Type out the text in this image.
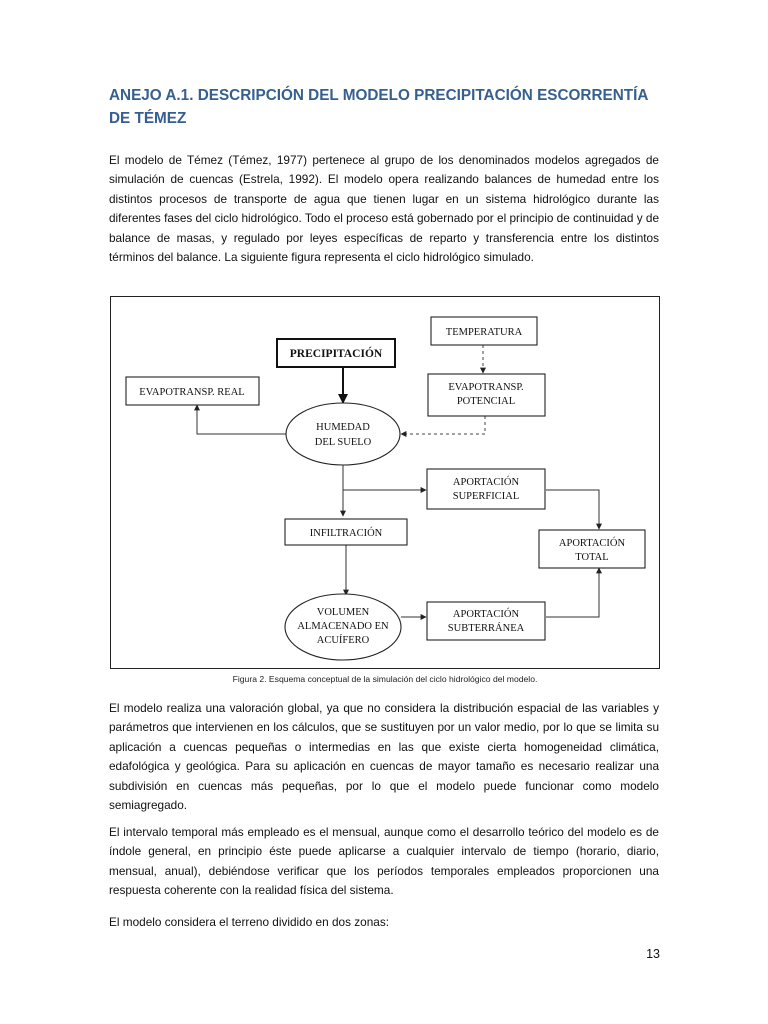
ANEJO A.1. DESCRIPCIÓN DEL MODELO PRECIPITACIÓN ESCORRENTÍA DE TÉMEZ

El modelo de Témez (Témez, 1977) pertenece al grupo de los denominados modelos agregados de simulación de cuencas (Estrela, 1992). El modelo opera realizando balances de humedad entre los distintos procesos de transporte de agua que tienen lugar en un sistema hidrológico durante las diferentes fases del ciclo hidrológico. Todo el proceso está gobernado por el principio de continuidad y de balance de masas, y regulado por leyes específicas de reparto y transferencia entre los distintos términos del balance. La siguiente figura representa el ciclo hidrológico simulado.

PRECIPITACIÓN
TEMPERATURA
EVAPOTRANSP. REAL	EVAPOTRANSP.
POTENCIAL
HUMEDAD
DEL SUELO
APORTACIÓN
SUPERFICIAL
INFILTRACIÓN
APORTACIÓN
TOTAL
VOLUMEN
ALMACENADO EN
ACUÍFERO
APORTACIÓN
SUBTERRÁNEA
Figura 2. Esquema conceptual de la simulación del ciclo hidrológico del modelo.

El modelo realiza una valoración global, ya que no considera la distribución espacial de las variables y parámetros que intervienen en los cálculos, que se sustituyen por un valor medio, por lo que se limita su aplicación a cuencas pequeñas o intermedias en las que existe cierta homogeneidad climática, edafológica y geológica. Para su aplicación en cuencas de mayor tamaño es necesario realizar una subdivisión en cuencas más pequeñas, por lo que el modelo puede funcionar como modelo semiagregado.

El intervalo temporal más empleado es el mensual, aunque como el desarrollo teórico del modelo es de índole general, en principio éste puede aplicarse a cualquier intervalo de tiempo (horario, diario, mensual, anual), debiéndose verificar que los períodos temporales empleados proporcionen una respuesta coherente con la realidad física del sistema.

El modelo considera el terreno dividido en dos zonas:

13
